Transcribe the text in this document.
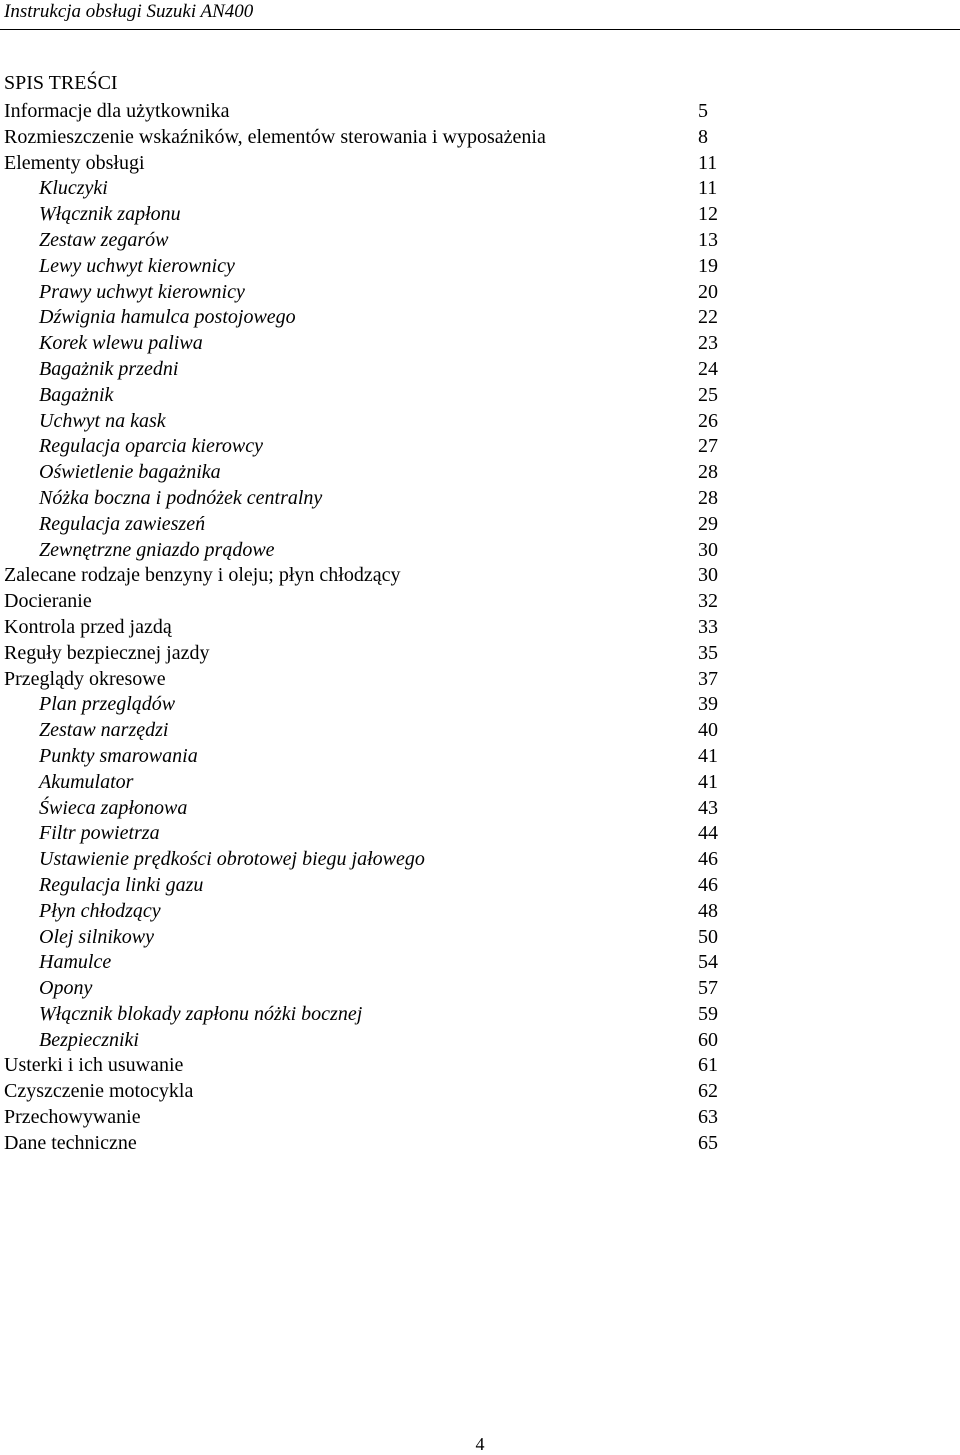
Instrukcja obsługi Suzuki AN400
SPIS TREŚCI
Informacje dla użytkownika	5
Rozmieszczenie wskaźników, elementów sterowania i wyposażenia	8
Elementy obsługi	11
Kluczyki	11
Włącznik zapłonu	12
Zestaw zegarów	13
Lewy uchwyt kierownicy	19
Prawy uchwyt kierownicy	20
Dźwignia hamulca postojowego	22
Korek wlewu paliwa	23
Bagażnik przedni	24
Bagażnik	25
Uchwyt na kask	26
Regulacja oparcia kierowcy	27
Oświetlenie bagażnika	28
Nóżka boczna i podnóżek centralny	28
Regulacja zawieszeń	29
Zewnętrzne gniazdo prądowe	30
Zalecane rodzaje benzyny i oleju; płyn chłodzący	30
Docieranie	32
Kontrola przed jazdą	33
Reguły bezpiecznej jazdy	35
Przeglądy okresowe	37
Plan przeglądów	39
Zestaw narzędzi	40
Punkty smarowania	41
Akumulator	41
Świeca zapłonowa	43
Filtr powietrza	44
Ustawienie prędkości obrotowej biegu jałowego	46
Regulacja linki gazu	46
Płyn chłodzący	48
Olej silnikowy	50
Hamulce	54
Opony	57
Włącznik blokady zapłonu nóżki bocznej	59
Bezpieczniki	60
Usterki i ich usuwanie	61
Czyszczenie motocykla	62
Przechowywanie	63
Dane techniczne	65
4
